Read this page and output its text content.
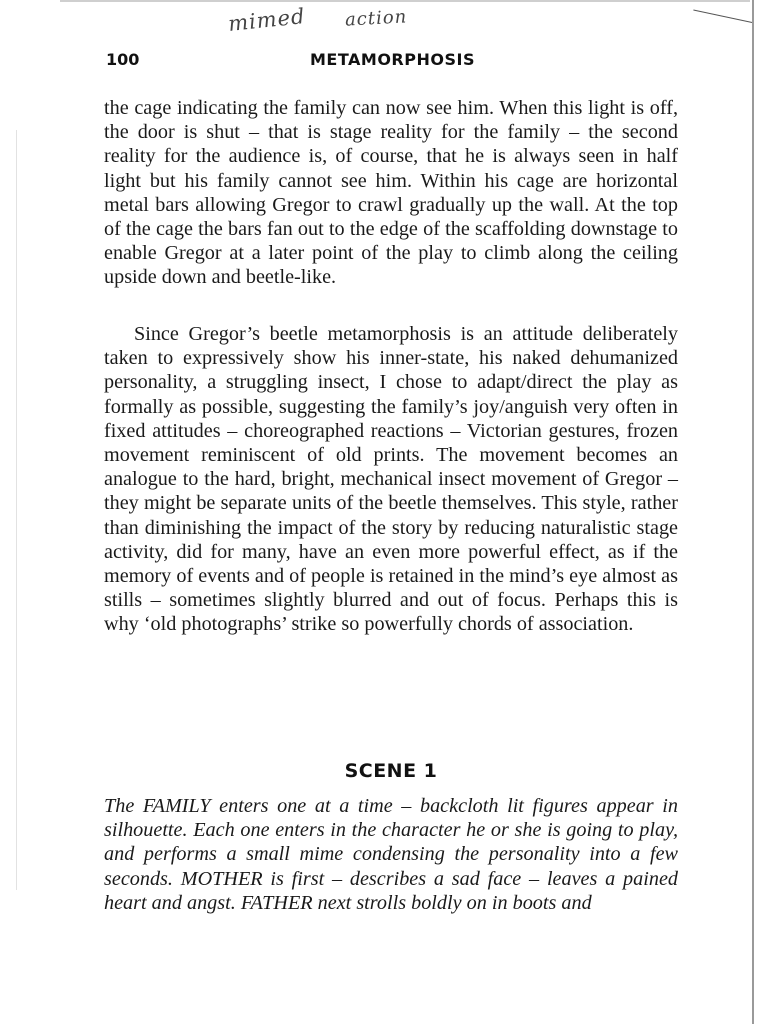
mimed action
100	METAMORPHOSIS

the cage indicating the family can now see him. When this light is off, the door is shut – that is stage reality for the family – the second reality for the audience is, of course, that he is always seen in half light but his family cannot see him. Within his cage are horizontal metal bars allowing Gregor to crawl gradually up the wall. At the top of the cage the bars fan out to the edge of the scaffolding downstage to enable Gregor at a later point of the play to climb along the ceiling upside down and beetle-like.

Since Gregor’s beetle metamorphosis is an attitude deliberately taken to expressively show his inner-state, his naked dehumanized personality, a struggling insect, I chose to adapt/direct the play as formally as possible, suggesting the family’s joy/anguish very often in fixed attitudes – choreographed reactions – Victorian gestures, frozen movement reminiscent of old prints. The movement becomes an analogue to the hard, bright, mechanical insect movement of Gregor – they might be separate units of the beetle themselves. This style, rather than diminishing the impact of the story by reducing naturalistic stage activity, did for many, have an even more powerful effect, as if the memory of events and of people is retained in the mind’s eye almost as stills – sometimes slightly blurred and out of focus. Perhaps this is why ‘old photographs’ strike so powerfully chords of association.

SCENE 1

The FAMILY enters one at a time – backcloth lit figures appear in silhouette. Each one enters in the character he or she is going to play, and performs a small mime condensing the personality into a few seconds. MOTHER is first – describes a sad face – leaves a pained heart and angst. FATHER next strolls boldly on in boots and
